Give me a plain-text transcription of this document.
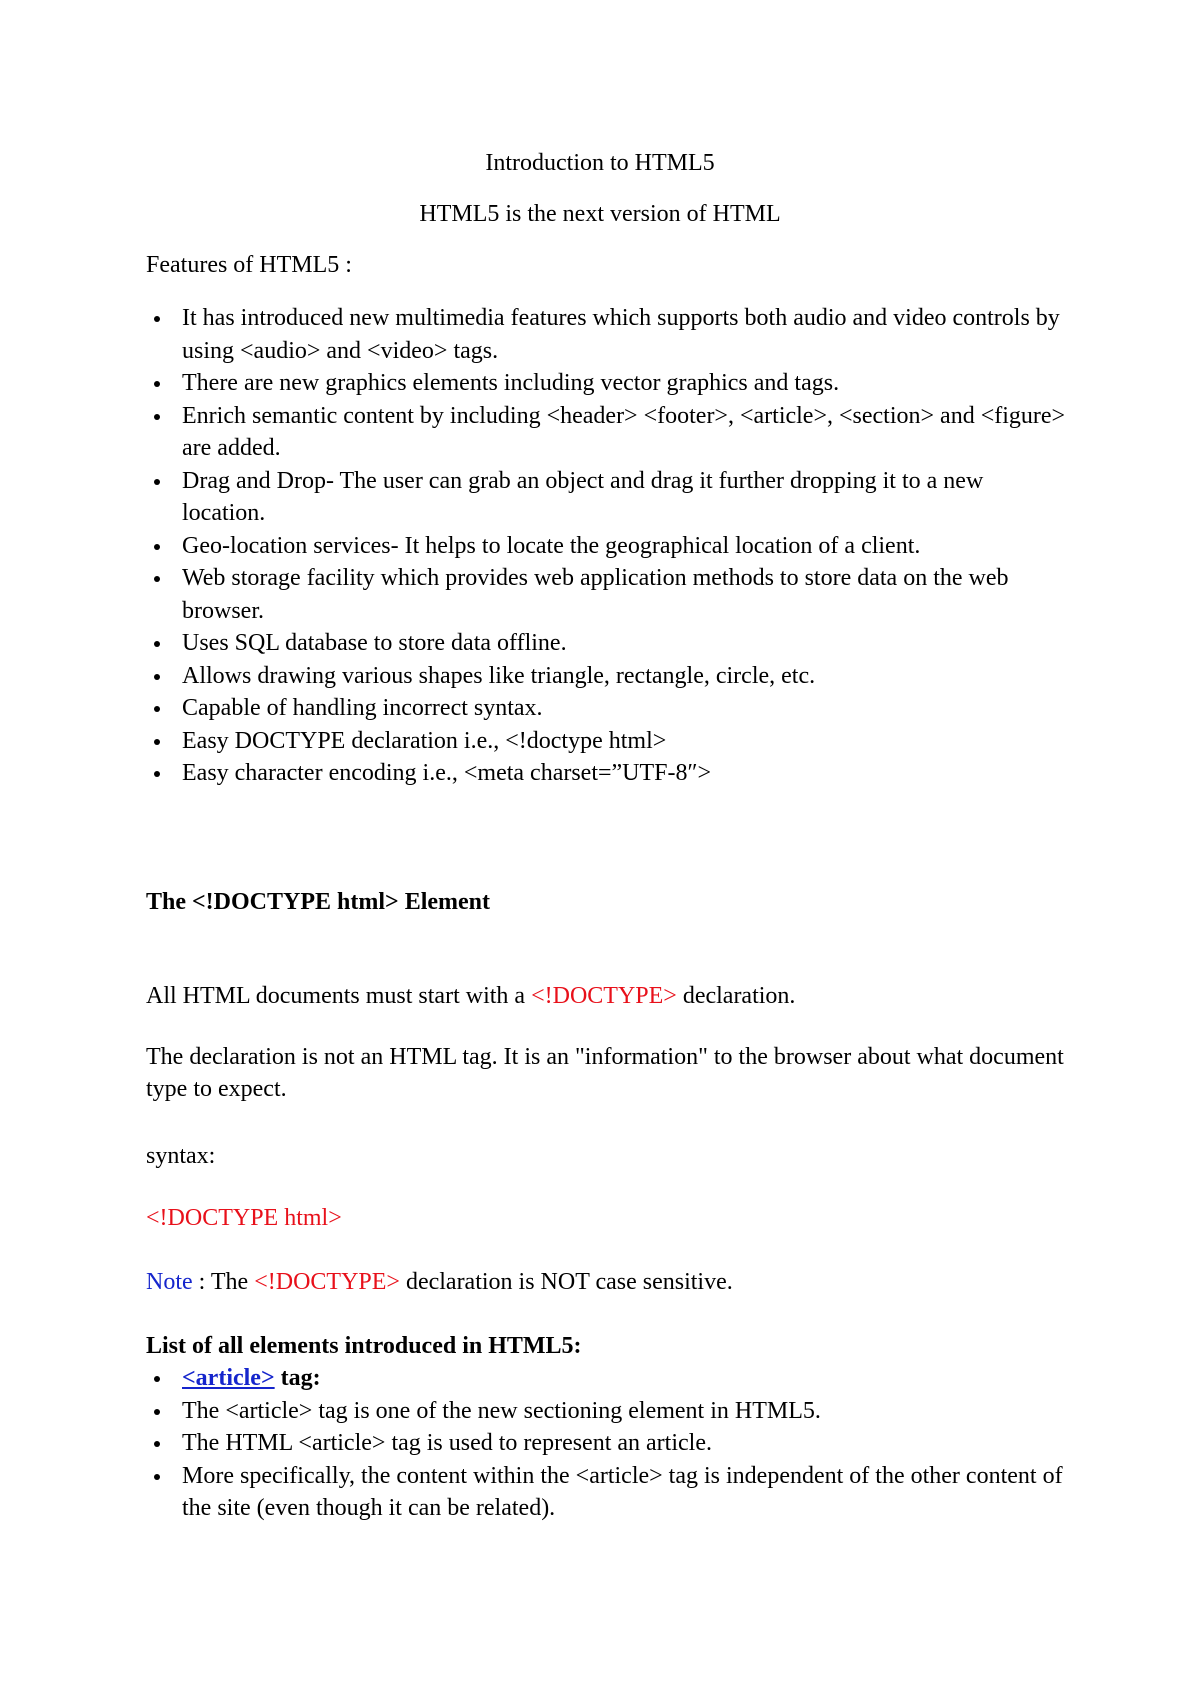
Introduction to HTML5

HTML5 is the next version of HTML

Features of HTML5 :

It has introduced new multimedia features which supports both audio and video controls by using <audio> and <video> tags.
There are new graphics elements including vector graphics and tags.
Enrich semantic content by including <header> <footer>, <article>, <section> and <figure> are added.
Drag and Drop- The user can grab an object and drag it further dropping it to a new location.
Geo-location services- It helps to locate the geographical location of a client.
Web storage facility which provides web application methods to store data on the web browser.
Uses SQL database to store data offline.
Allows drawing various shapes like triangle, rectangle, circle, etc.
Capable of handling incorrect syntax.
Easy DOCTYPE declaration i.e., <!doctype html>
Easy character encoding i.e., <meta charset=”UTF-8″>

The <!DOCTYPE html> Element

All HTML documents must start with a <!DOCTYPE> declaration.

The declaration is not an HTML tag. It is an "information" to the browser about what document type to expect.

syntax:

<!DOCTYPE html>

Note : The <!DOCTYPE> declaration is NOT case sensitive.

List of all elements introduced in HTML5:

<article> tag:
The <article> tag is one of the new sectioning element in HTML5.
The HTML <article> tag is used to represent an article.
More specifically, the content within the <article> tag is independent of the other content of the site (even though it can be related).
